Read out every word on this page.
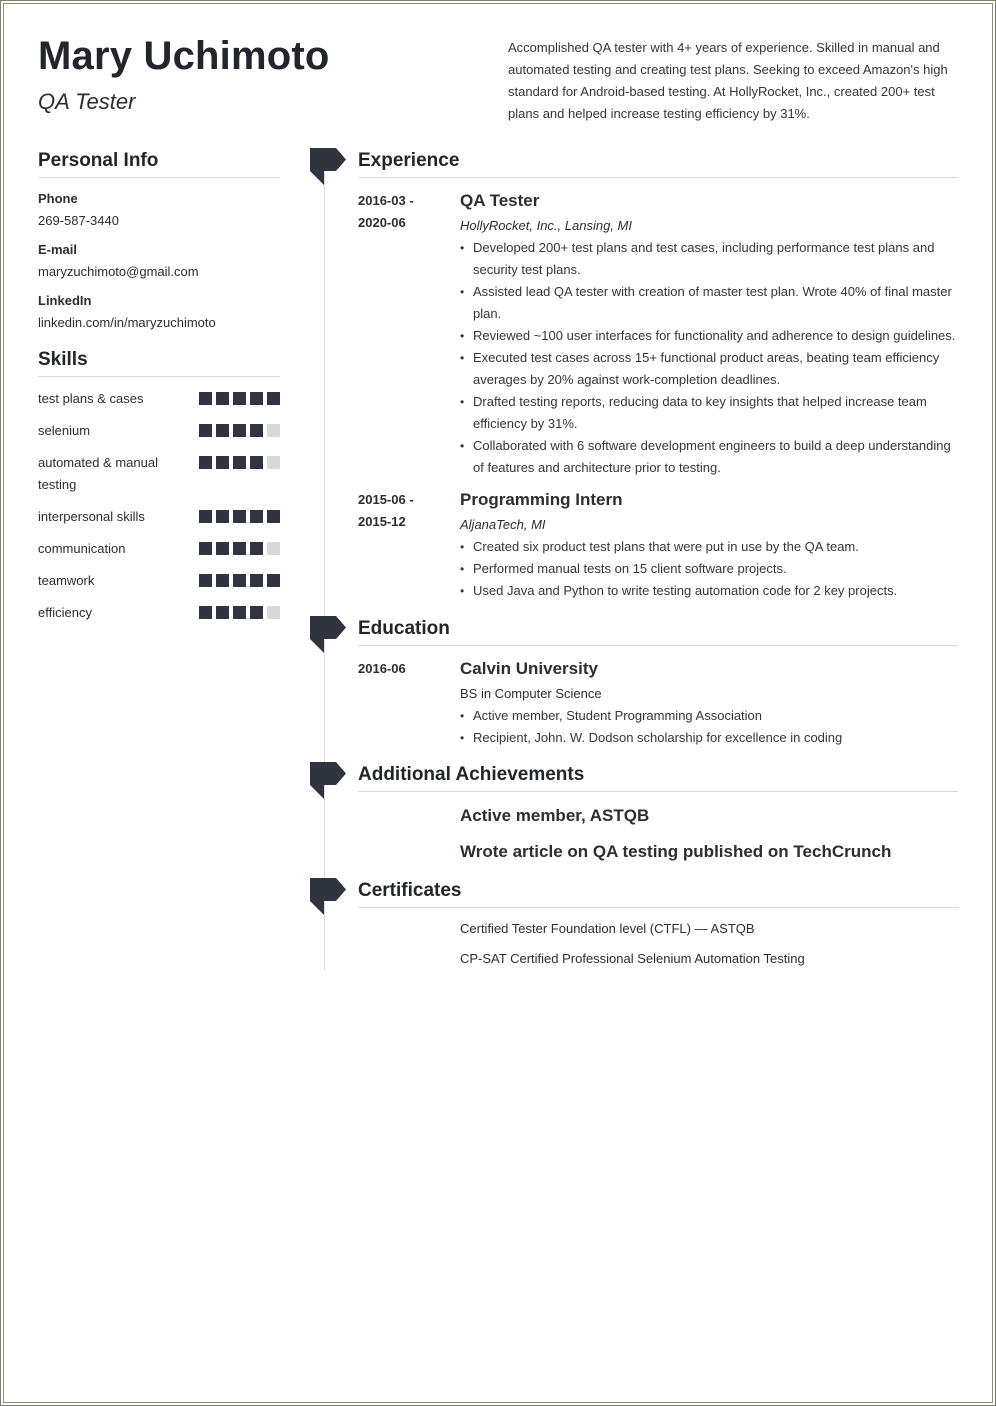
Mary Uchimoto

QA Tester

Accomplished QA tester with 4+ years of experience. Skilled in manual and automated testing and creating test plans. Seeking to exceed Amazon's high standard for Android-based testing. At HollyRocket, Inc., created 200+ test plans and helped increase testing efficiency by 31%.

Personal Info
Phone
269-587-3440
E-mail
maryzuchimoto@gmail.com
LinkedIn
linkedin.com/in/maryzuchimoto
Skills
test plans & cases
selenium
automated & manual testing
interpersonal skills
communication
teamwork
efficiency
Experience
2016-03 -
2020-06
QA Tester
HollyRocket, Inc., Lansing, MI
• Developed 200+ test plans and test cases, including performance test plans and security test plans.
• Assisted lead QA tester with creation of master test plan. Wrote 40% of final master plan.
• Reviewed ~100 user interfaces for functionality and adherence to design guidelines.
• Executed test cases across 15+ functional product areas, beating team efficiency averages by 20% against work-completion deadlines.
• Drafted testing reports, reducing data to key insights that helped increase team efficiency by 31%.
• Collaborated with 6 software development engineers to build a deep understanding of features and architecture prior to testing.
2015-06 -
2015-12
Programming Intern
AljanaTech, MI
• Created six product test plans that were put in use by the QA team.
• Performed manual tests on 15 client software projects.
• Used Java and Python to write testing automation code for 2 key projects.
Education
2016-06	Calvin University
BS in Computer Science
• Active member, Student Programming Association
• Recipient, John. W. Dodson scholarship for excellence in coding
Additional Achievements
Active member, ASTQB
Wrote article on QA testing published on TechCrunch
Certificates
Certified Tester Foundation level (CTFL) — ASTQB
CP-SAT Certified Professional Selenium Automation Testing
